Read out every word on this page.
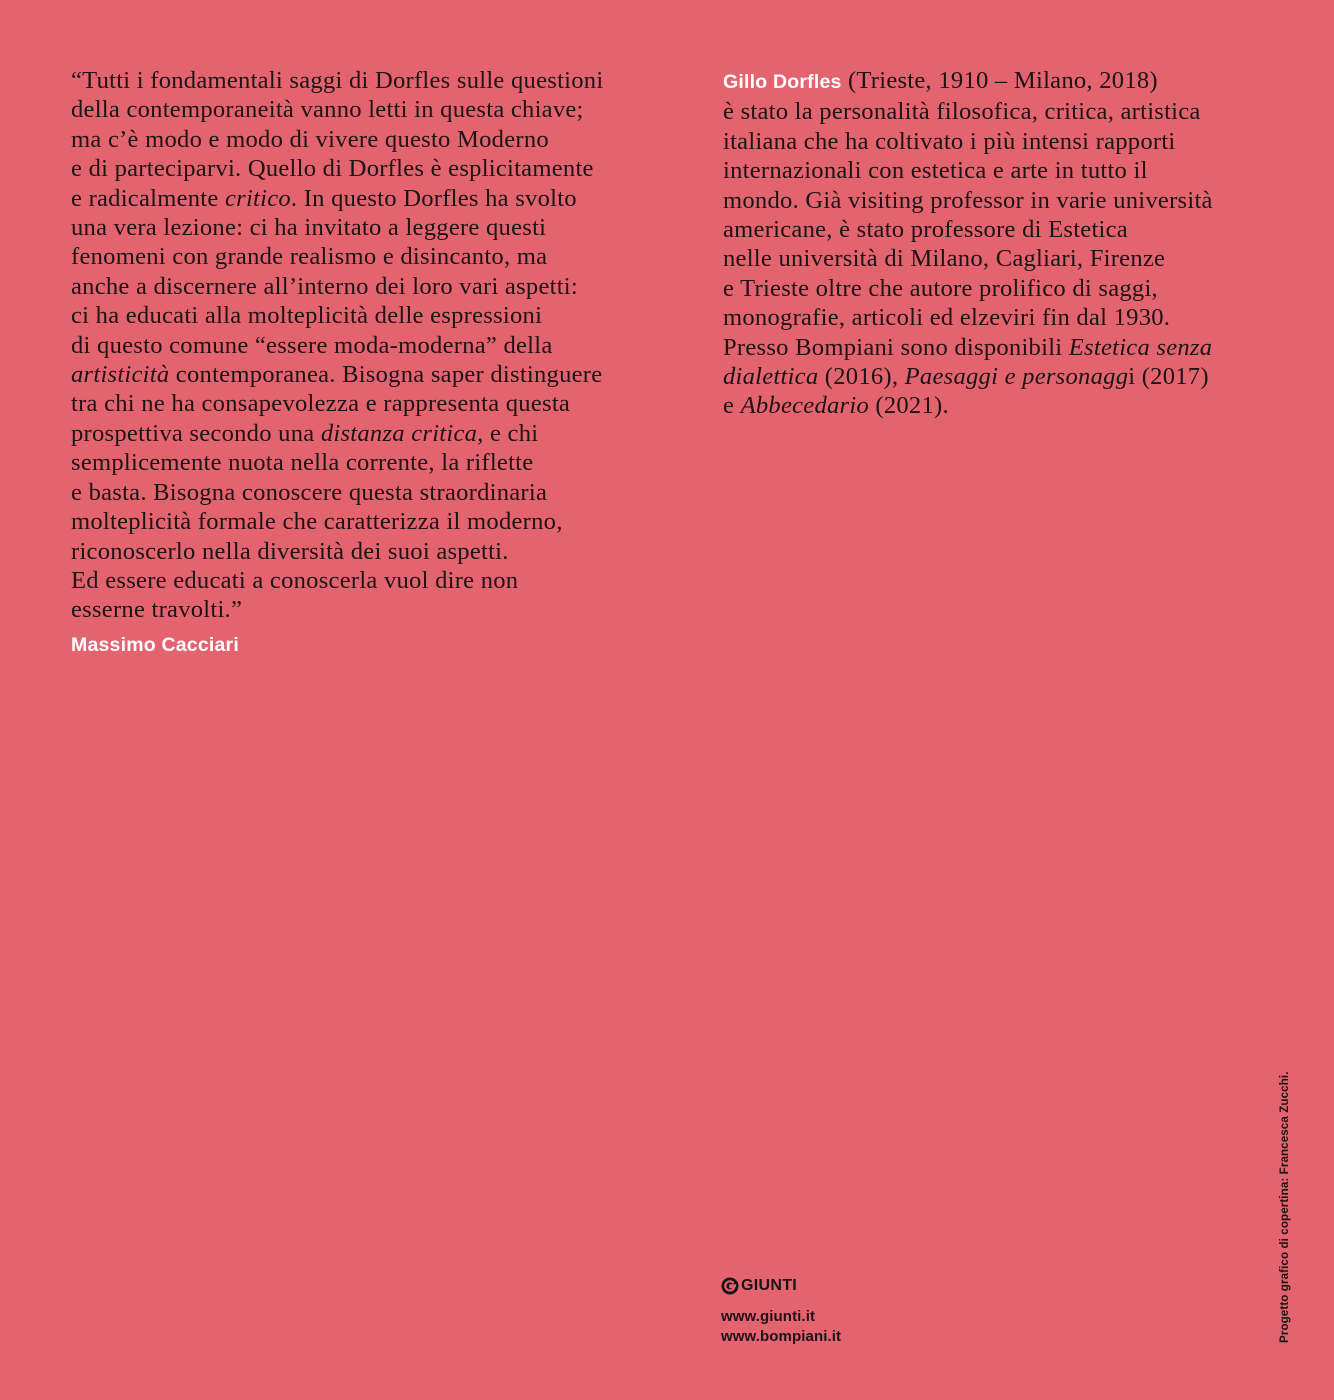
“Tutti i fondamentali saggi di Dorfles sulle questioni
della contemporaneità vanno letti in questa chiave;
ma c’è modo e modo di vivere questo Moderno
e di parteciparvi. Quello di Dorfles è esplicitamente
e radicalmente critico. In questo Dorfles ha svolto
una vera lezione: ci ha invitato a leggere questi
fenomeni con grande realismo e disincanto, ma
anche a discernere all’interno dei loro vari aspetti:
ci ha educati alla molteplicità delle espressioni
di questo comune “essere moda-moderna” della
artisticità contemporanea. Bisogna saper distinguere
tra chi ne ha consapevolezza e rappresenta questa
prospettiva secondo una distanza critica, e chi
semplicemente nuota nella corrente, la riflette
e basta. Bisogna conoscere questa straordinaria
molteplicità formale che caratterizza il moderno,
riconoscerlo nella diversità dei suoi aspetti.
Ed essere educati a conoscerla vuol dire non
esserne travolti.”
Massimo Cacciari
Gillo Dorfles (Trieste, 1910 – Milano, 2018)
è stato la personalità filosofica, critica, artistica
italiana che ha coltivato i più intensi rapporti
internazionali con estetica e arte in tutto il
mondo. Già visiting professor in varie università
americane, è stato professore di Estetica
nelle università di Milano, Cagliari, Firenze
e Trieste oltre che autore prolifico di saggi,
monografie, articoli ed elzeviri fin dal 1930.
Presso Bompiani sono disponibili Estetica senza
dialettica (2016), Paesaggi e personaggi (2017)
e Abbecedario (2021).
GIUNTI
www.giunti.it
www.bompiani.it	Progetto grafico di copertina: Francesca Zucchi.
